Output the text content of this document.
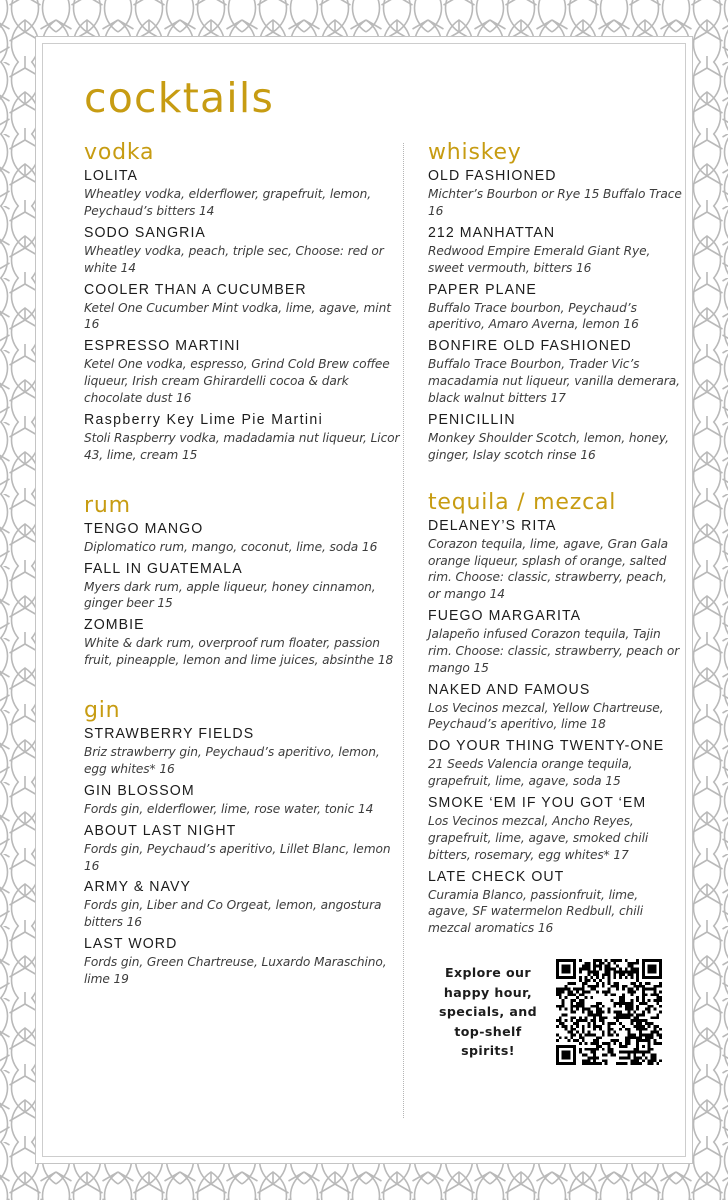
cocktails
vodka
LOLITA
Wheatley vodka, elderflower, grapefruit, lemon, Peychaud’s bitters 14
SODO SANGRIA
Wheatley vodka, peach, triple sec, Choose: red or white 14
COOLER THAN A CUCUMBER
Ketel One Cucumber Mint vodka, lime, agave, mint 16
ESPRESSO MARTINI
Ketel One vodka, espresso, Grind Cold Brew coffee liqueur, Irish cream Ghirardelli cocoa & dark chocolate dust 16
Raspberry Key Lime Pie Martini
Stoli Raspberry vodka, madadamia nut liqueur, Licor 43, lime, cream 15
rum
TENGO MANGO
Diplomatico rum, mango, coconut, lime, soda 16
FALL IN GUATEMALA
Myers dark rum, apple liqueur, honey cinnamon, ginger beer 15
ZOMBIE
White & dark rum, overproof rum floater, passion fruit, pineapple, lemon and lime juices, absinthe 18
gin
STRAWBERRY FIELDS
Briz strawberry gin, Peychaud’s aperitivo, lemon, egg whites* 16
GIN BLOSSOM
Fords gin, elderflower, lime, rose water, tonic 14
ABOUT LAST NIGHT
Fords gin, Peychaud’s aperitivo, Lillet Blanc, lemon 16
ARMY & NAVY
Fords gin, Liber and Co Orgeat, lemon, angostura bitters 16
LAST WORD
Fords gin, Green Chartreuse, Luxardo Maraschino, lime 19
whiskey
OLD FASHIONED
Michter’s Bourbon or Rye 15 Buffalo Trace 16
212 MANHATTAN
Redwood Empire Emerald Giant Rye, sweet vermouth, bitters 16
PAPER PLANE
Buffalo Trace bourbon, Peychaud’s aperitivo, Amaro Averna, lemon 16
BONFIRE OLD FASHIONED
Buffalo Trace Bourbon, Trader Vic’s macadamia nut liqueur, vanilla demerara, black walnut bitters 17
PENICILLIN
Monkey Shoulder Scotch, lemon, honey, ginger, Islay scotch rinse 16
tequila / mezcal
DELANEY’S RITA
Corazon tequila, lime, agave, Gran Gala orange liqueur, splash of orange, salted rim. Choose: classic, strawberry, peach, or mango 14
FUEGO MARGARITA
Jalapeño infused Corazon tequila, Tajin rim. Choose: classic, strawberry, peach or mango 15
NAKED AND FAMOUS
Los Vecinos mezcal, Yellow Chartreuse, Peychaud’s aperitivo, lime 18
DO YOUR THING TWENTY-ONE
21 Seeds Valencia orange tequila, grapefruit, lime, agave, soda 15
SMOKE ‘EM IF YOU GOT ‘EM
Los Vecinos mezcal, Ancho Reyes, grapefruit, lime, agave, smoked chili bitters, rosemary, egg whites* 17
LATE CHECK OUT
Curamia Blanco, passionfruit, lime, agave, SF watermelon Redbull, chili mezcal aromatics 16
Explore our happy hour, specials, and top-shelf spirits!
